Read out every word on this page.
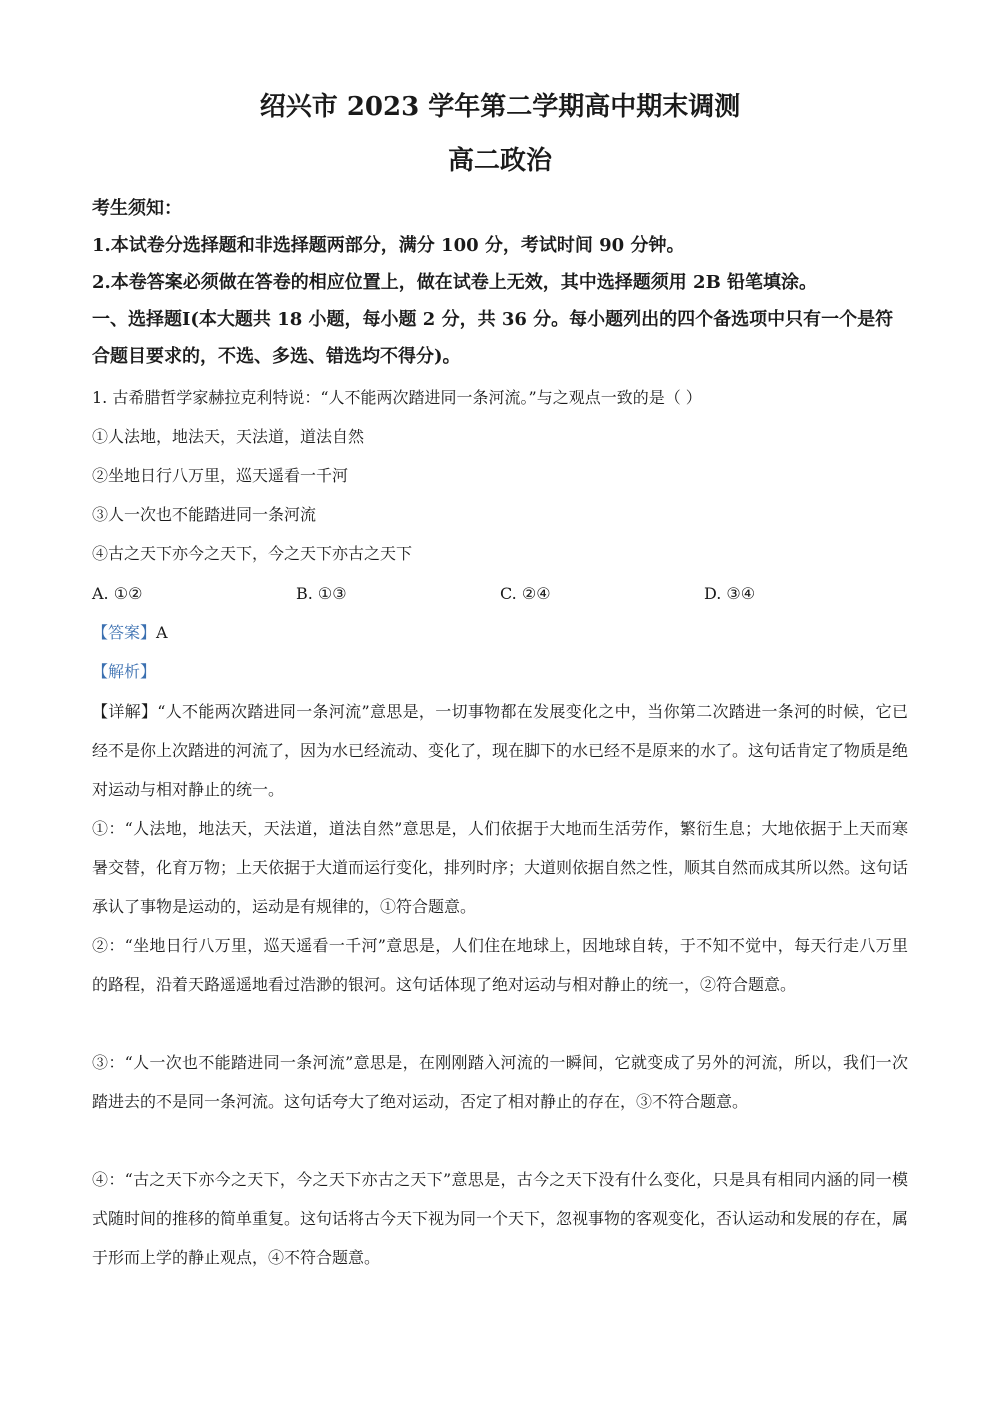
绍兴市 2023 学年第二学期高中期末调测
高二政治

考生须知：

1.本试卷分选择题和非选择题两部分，满分 100 分，考试时间 90 分钟。

2.本卷答案必须做在答卷的相应位置上，做在试卷上无效，其中选择题须用 2B 铅笔填涂。

一、选择题Ⅰ(本大题共 18 小题，每小题 2 分，共 36 分。每小题列出的四个备选项中只有一个是符合题目要求的，不选、多选、错选均不得分)。

1. 古希腊哲学家赫拉克利特说：“人不能两次踏进同一条河流。”与之观点一致的是（ ）

①人法地，地法天，天法道，道法自然

②坐地日行八万里，巡天遥看一千河

③人一次也不能踏进同一条河流

④古之天下亦今之天下，今之天下亦古之天下

A. ①②	B. ①③	C. ②④	D. ③④

【答案】A

【解析】

【详解】“人不能两次踏进同一条河流”意思是，一切事物都在发展变化之中，当你第二次踏进一条河的时候，它已经不是你上次踏进的河流了，因为水已经流动、变化了，现在脚下的水已经不是原来的水了。这句话肯定了物质是绝对运动与相对静止的统一。

①：“人法地，地法天，天法道，道法自然”意思是，人们依据于大地而生活劳作，繁衍生息；大地依据于上天而寒暑交替，化育万物；上天依据于大道而运行变化，排列时序；大道则依据自然之性，顺其自然而成其所以然。这句话承认了事物是运动的，运动是有规律的，①符合题意。

②：“坐地日行八万里，巡天遥看一千河”意思是，人们住在地球上，因地球自转，于不知不觉中，每天行走八万里的路程，沿着天路遥遥地看过浩渺的银河。这句话体现了绝对运动与相对静止的统一，②符合题意。

③：“人一次也不能踏进同一条河流”意思是，在刚刚踏入河流的一瞬间，它就变成了另外的河流，所以，我们一次踏进去的不是同一条河流。这句话夸大了绝对运动，否定了相对静止的存在，③不符合题意。

④：“古之天下亦今之天下，今之天下亦古之天下”意思是，古今之天下没有什么变化，只是具有相同内涵的同一模式随时间的推移的简单重复。这句话将古今天下视为同一个天下，忽视事物的客观变化，否认运动和发展的存在，属于形而上学的静止观点，④不符合题意。
